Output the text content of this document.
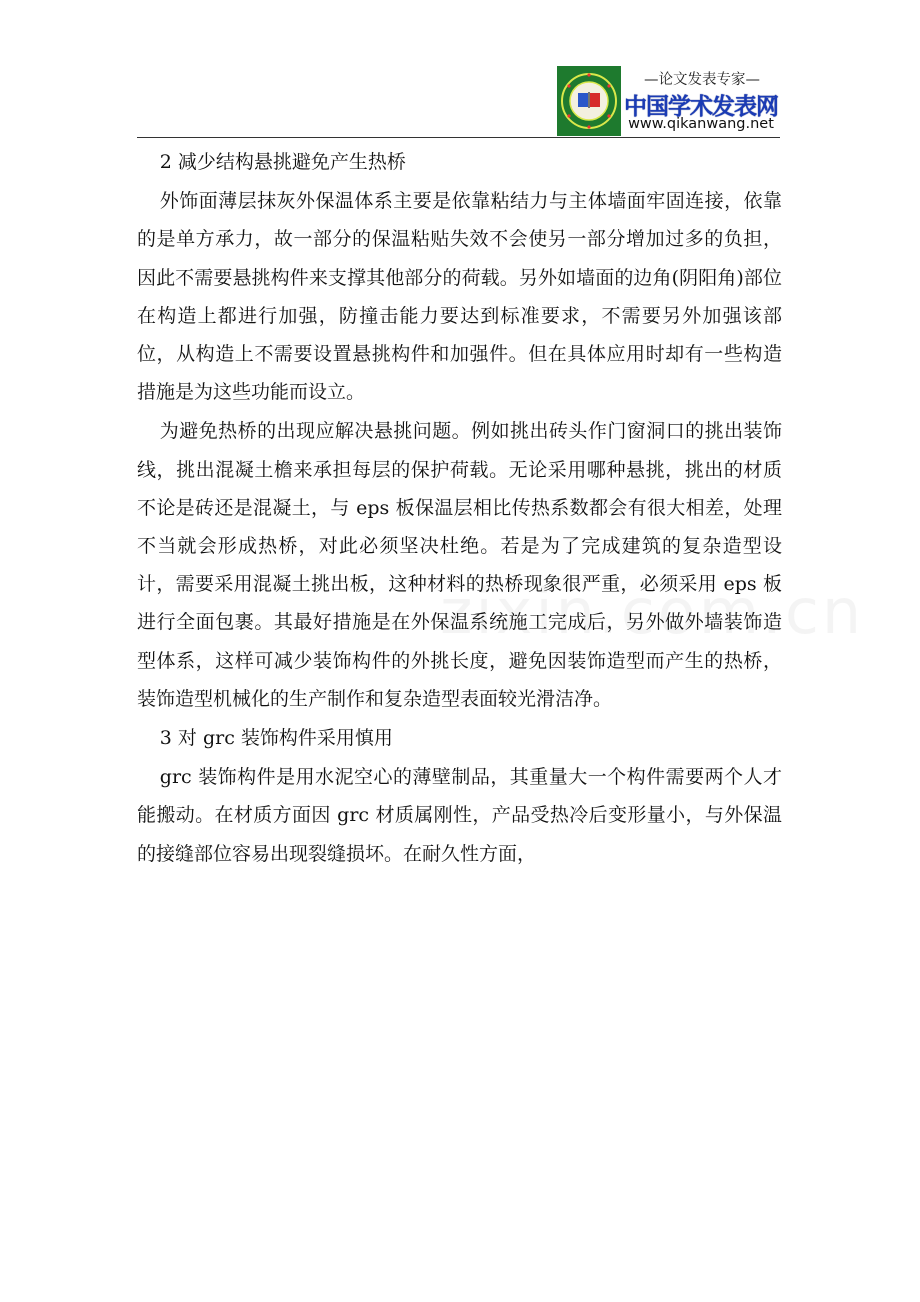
—论文发表专家—
中国学术发表网
www.qikanwang.net

2 减少结构悬挑避免产生热桥

外饰面薄层抹灰外保温体系主要是依靠粘结力与主体墙面牢固连接，依靠的是单方承力，故一部分的保温粘贴失效不会使另一部分增加过多的负担，因此不需要悬挑构件来支撑其他部分的荷载。另外如墙面的边角(阴阳角)部位在构造上都进行加强，防撞击能力要达到标准要求，不需要另外加强该部位，从构造上不需要设置悬挑构件和加强件。但在具体应用时却有一些构造措施是为这些功能而设立。

为避免热桥的出现应解决悬挑问题。例如挑出砖头作门窗洞口的挑出装饰线，挑出混凝土檐来承担每层的保护荷载。无论采用哪种悬挑，挑出的材质不论是砖还是混凝土，与 eps 板保温层相比传热系数都会有很大相差，处理不当就会形成热桥，对此必须坚决杜绝。若是为了完成建筑的复杂造型设计，需要采用混凝土挑出板，这种材料的热桥现象很严重，必须采用 eps 板进行全面包裹。其最好措施是在外保温系统施工完成后，另外做外墙装饰造型体系，这样可减少装饰构件的外挑长度，避免因装饰造型而产生的热桥，装饰造型机械化的生产制作和复杂造型表面较光滑洁净。

3 对 grc 装饰构件采用慎用

grc 装饰构件是用水泥空心的薄壁制品，其重量大一个构件需要两个人才能搬动。在材质方面因 grc 材质属刚性，产品受热冷后变形量小，与外保温的接缝部位容易出现裂缝损坏。在耐久性方面，
